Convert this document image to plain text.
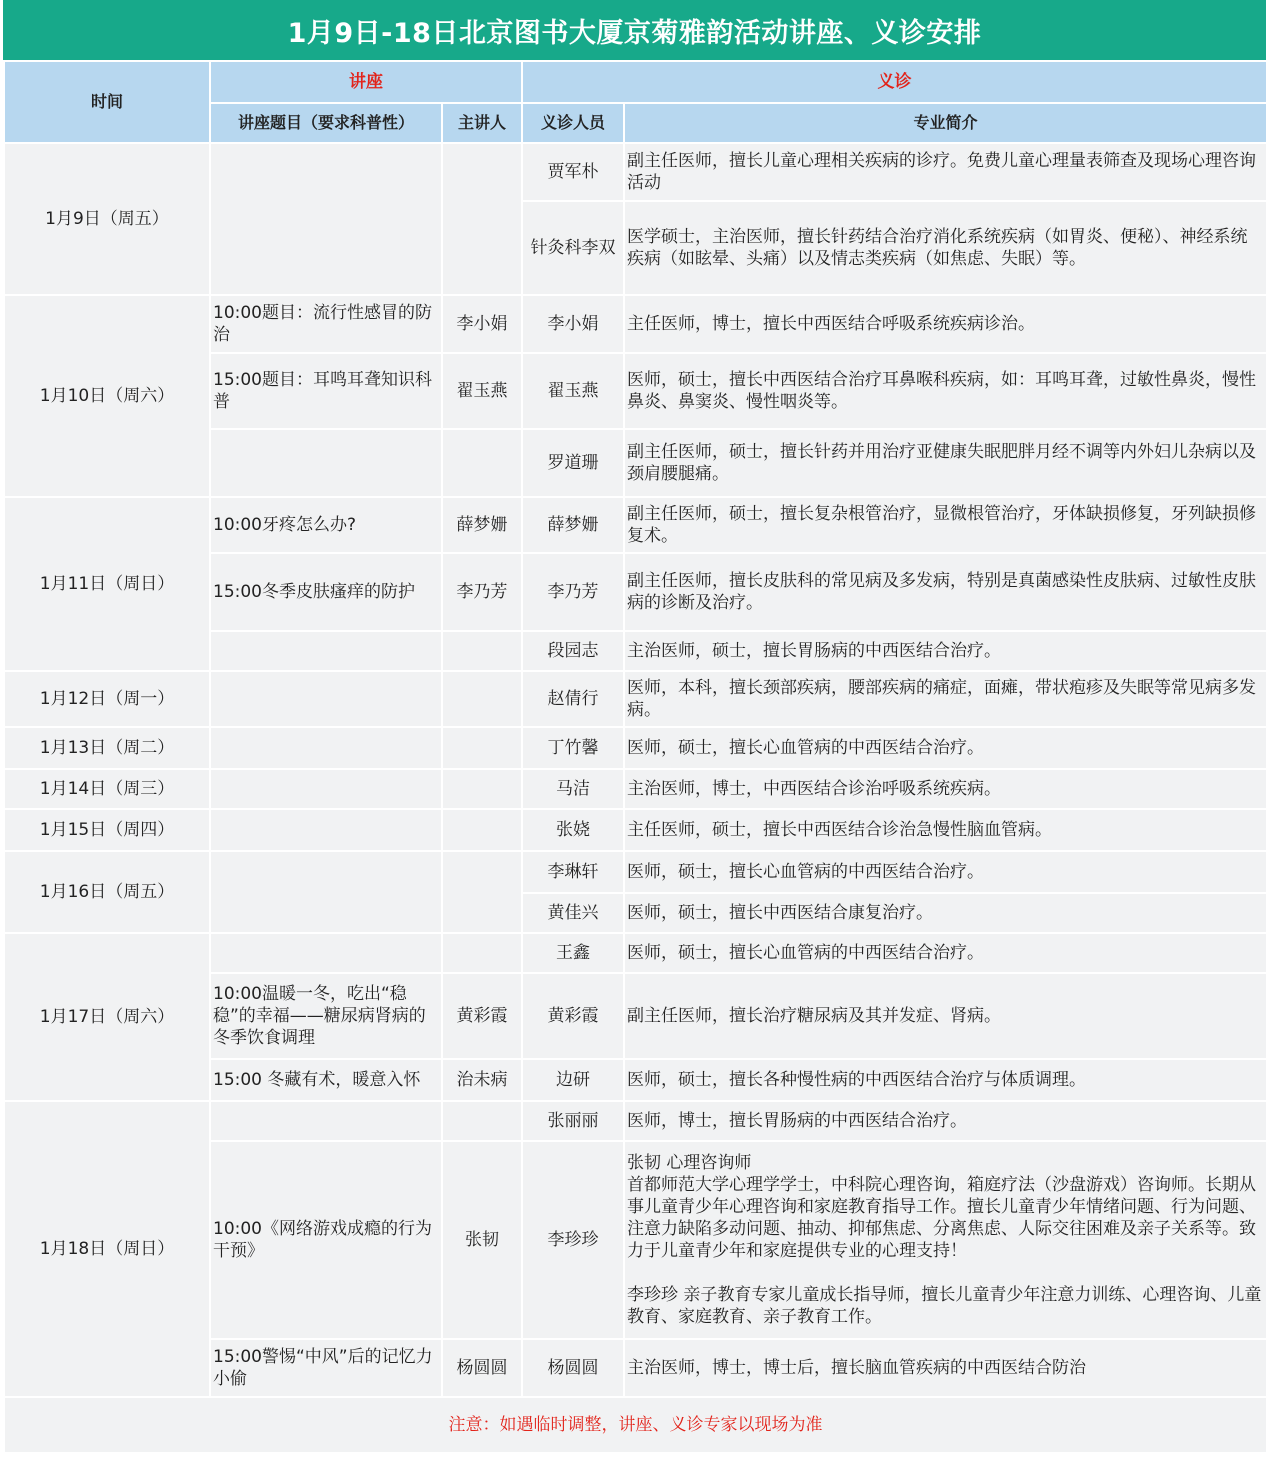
1月9日-18日北京图书大厦京菊雅韵活动讲座、义诊安排
时间	讲座		义诊	
	讲座题目（要求科普性）	主讲人	义诊人员	专业简介
1月9日（周五）			贾军朴	副主任医师，擅长儿童心理相关疾病的诊疗。免费儿童心理量表筛查及现场心理咨询活动
			针灸科李双	医学硕士，主治医师，擅长针药结合治疗消化系统疾病（如胃炎、便秘）、神经系统疾病（如眩晕、头痛）以及情志类疾病（如焦虑、失眠）等。
1月10日（周六）	10:00题目：流行性感冒的防治	李小娟	李小娟	主任医师，博士，擅长中西医结合呼吸系统疾病诊治。
	15:00题目：耳鸣耳聋知识科普	翟玉燕	翟玉燕	医师，硕士，擅长中西医结合治疗耳鼻喉科疾病，如：耳鸣耳聋，过敏性鼻炎，慢性鼻炎、鼻窦炎、慢性咽炎等。
			罗道珊	副主任医师，硕士，擅长针药并用治疗亚健康失眠肥胖月经不调等内外妇儿杂病以及颈肩腰腿痛。
1月11日（周日）	10:00牙疼怎么办?	薛梦姗	薛梦姗	副主任医师，硕士，擅长复杂根管治疗，显微根管治疗，牙体缺损修复，牙列缺损修复术。
	15:00冬季皮肤瘙痒的防护	李乃芳	李乃芳	副主任医师，擅长皮肤科的常见病及多发病，特别是真菌感染性皮肤病、过敏性皮肤病的诊断及治疗。
			段园志	主治医师，硕士，擅长胃肠病的中西医结合治疗。
1月12日（周一）			赵倩行	医师，本科，擅长颈部疾病，腰部疾病的痛症，面瘫，带状疱疹及失眠等常见病多发病。
1月13日（周二）			丁竹馨	医师，硕士，擅长心血管病的中西医结合治疗。
1月14日（周三）			马洁	主治医师，博士，中西医结合诊治呼吸系统疾病。
1月15日（周四）			张娆	主任医师，硕士，擅长中西医结合诊治急慢性脑血管病。
1月16日（周五）			李琳轩	医师，硕士，擅长心血管病的中西医结合治疗。
			黄佳兴	医师，硕士，擅长中西医结合康复治疗。
1月17日（周六）			王鑫	医师，硕士，擅长心血管病的中西医结合治疗。
	10:00温暖一冬，吃出“稳稳”的幸福——糖尿病肾病的冬季饮食调理	黄彩霞	黄彩霞	副主任医师，擅长治疗糖尿病及其并发症、肾病。
	15:00 冬藏有术，暖意入怀	治未病	边研	医师，硕士，擅长各种慢性病的中西医结合治疗与体质调理。
1月18日（周日）			张丽丽	医师，博士，擅长胃肠病的中西医结合治疗。
	10:00《网络游戏成瘾的行为干预》	张韧	李珍珍	张韧 心理咨询师
首都师范大学心理学学士，中科院心理咨询，箱庭疗法（沙盘游戏）咨询师。长期从事儿童青少年心理咨询和家庭教育指导工作。擅长儿童青少年情绪问题、行为问题、注意力缺陷多动问题、抽动、抑郁焦虑、分离焦虑、人际交往困难及亲子关系等。致力于儿童青少年和家庭提供专业的心理支持！
李珍珍 亲子教育专家儿童成长指导师，擅长儿童青少年注意力训练、心理咨询、儿童教育、家庭教育、亲子教育工作。

	15:00警惕“中风”后的记忆力小偷	杨圆圆	杨圆圆	主治医师，博士，博士后，擅长脑血管疾病的中西医结合防治
注意：如遇临时调整，讲座、义诊专家以现场为准				
